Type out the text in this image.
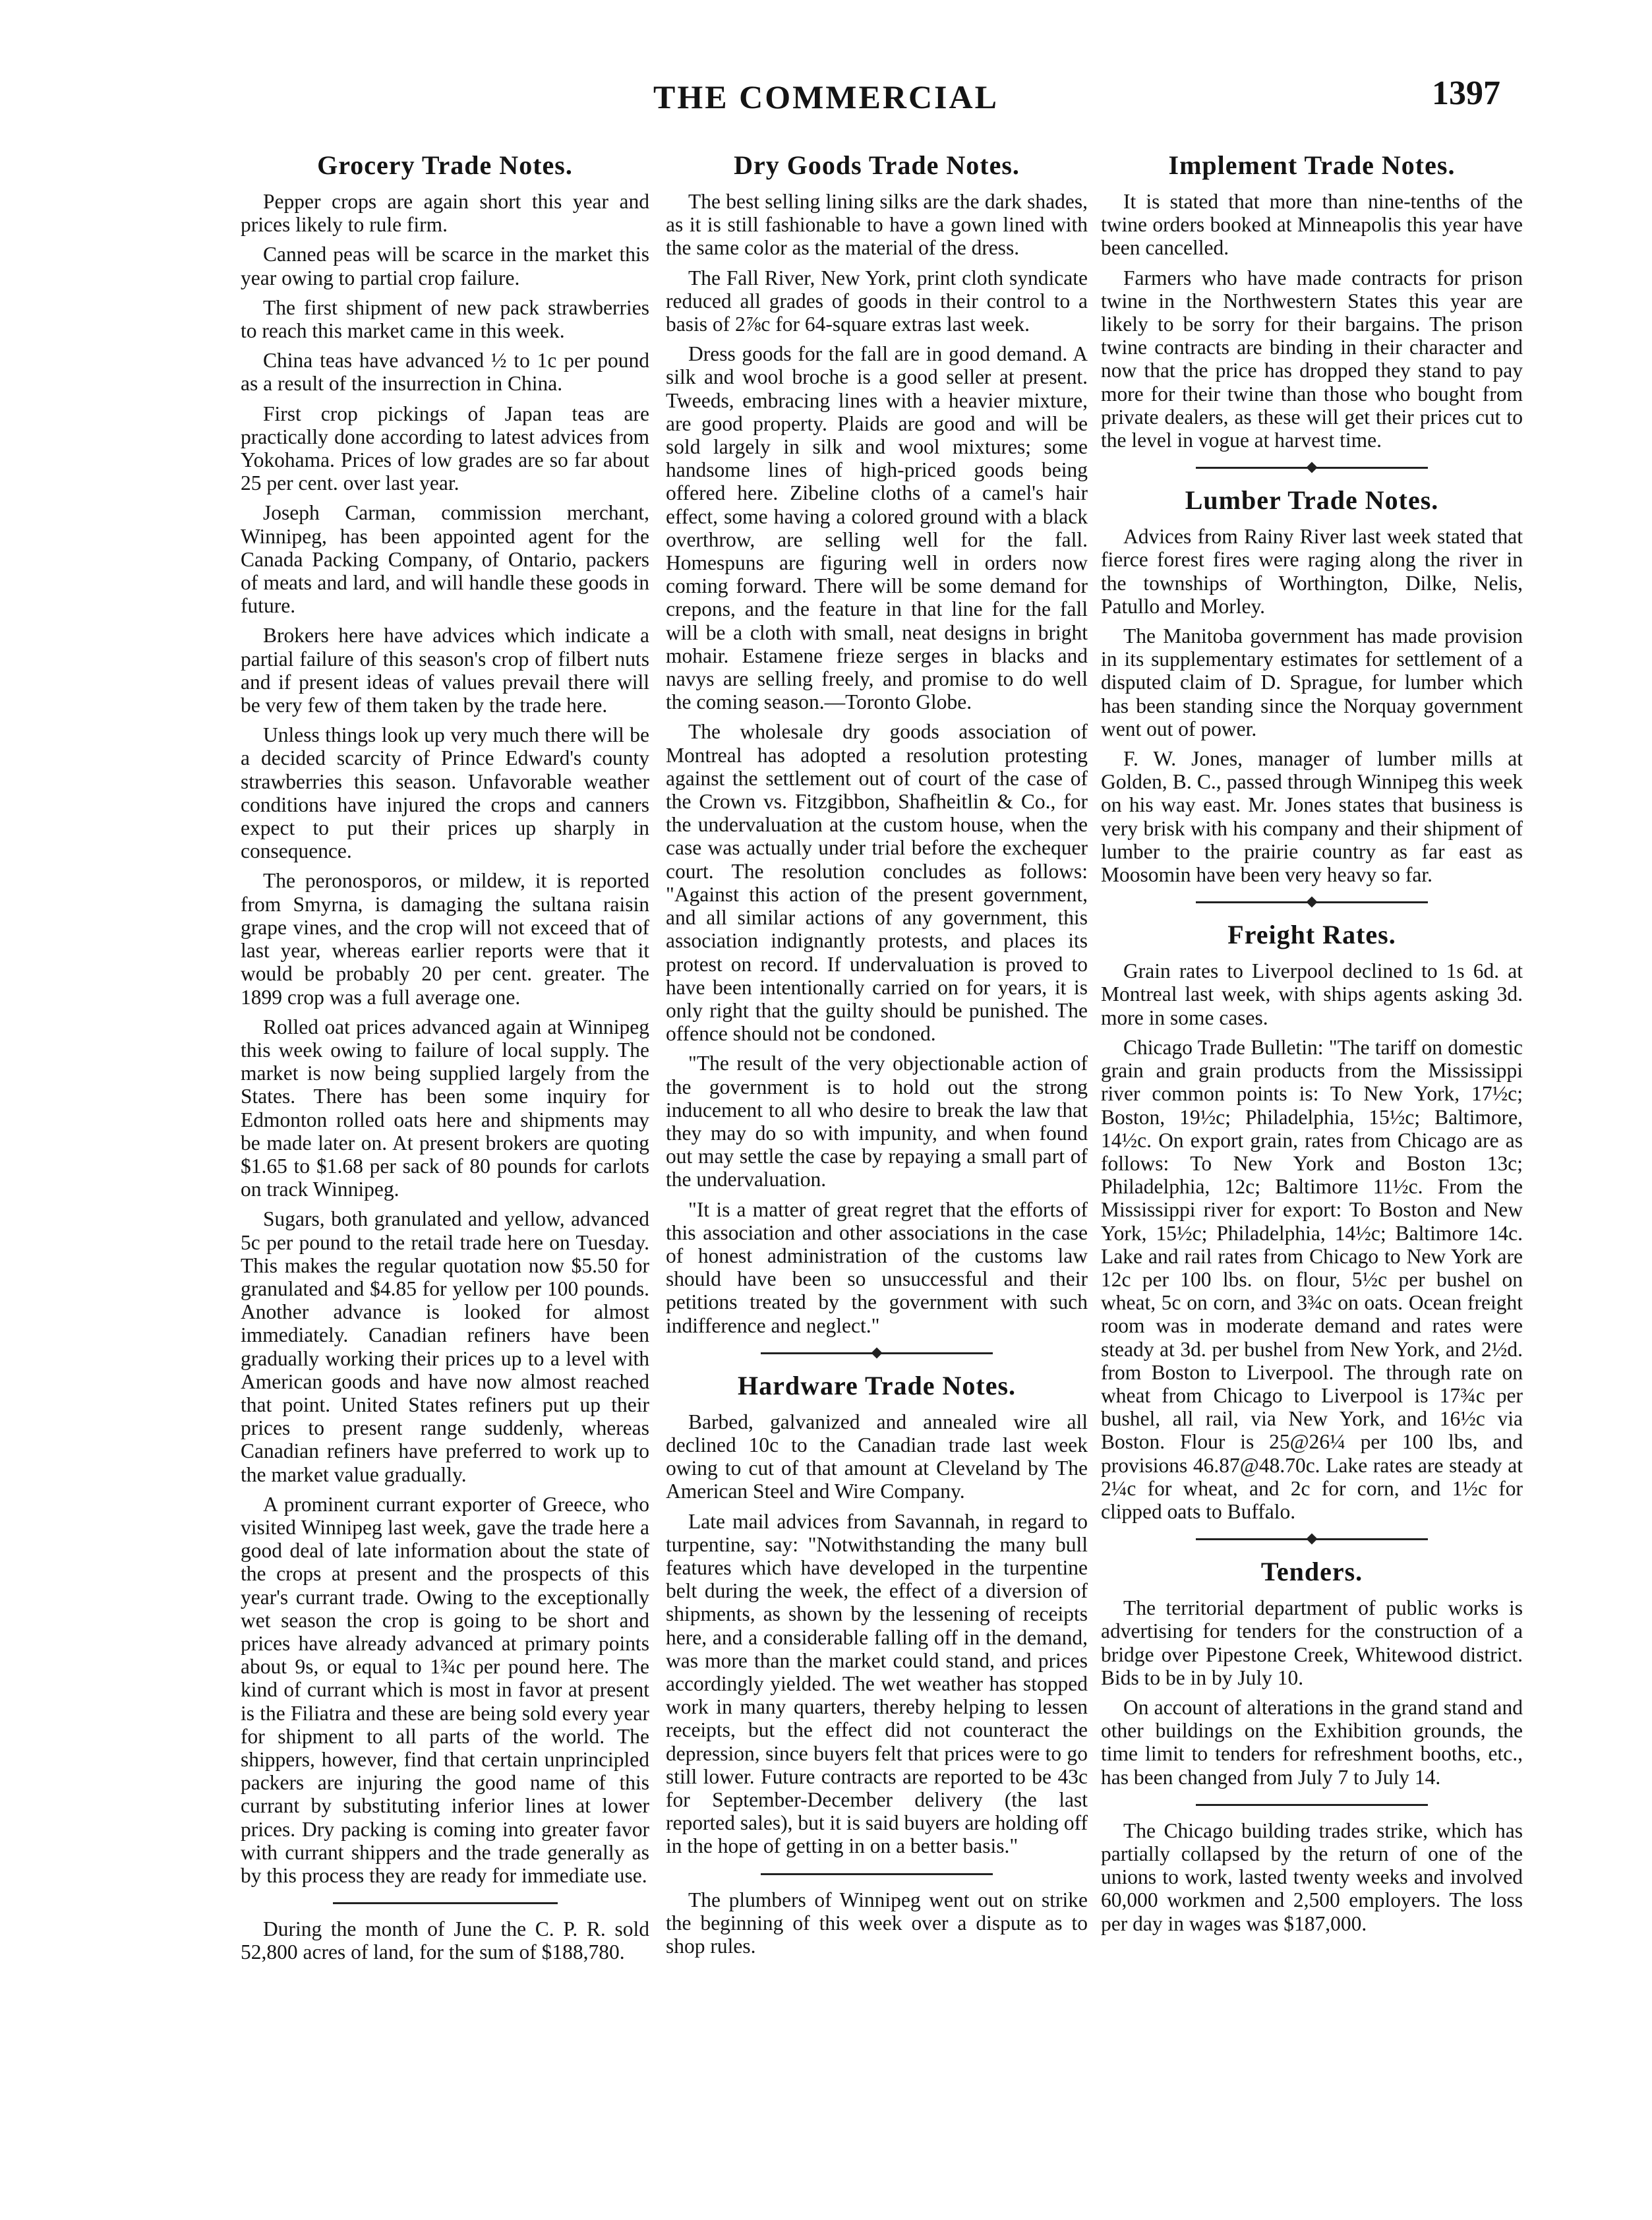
THE COMMERCIAL	1397
Grocery Trade Notes.

Pepper crops are again short this year and prices likely to rule firm.

Canned peas will be scarce in the market this year owing to partial crop failure.

The first shipment of new pack strawberries to reach this market came in this week.

China teas have advanced ½ to 1c per pound as a result of the insurrection in China.

First crop pickings of Japan teas are practically done according to latest advices from Yokohama. Prices of low grades are so far about 25 per cent. over last year.

Joseph Carman, commission merchant, Winnipeg, has been appointed agent for the Canada Packing Company, of Ontario, packers of meats and lard, and will handle these goods in future.

Brokers here have advices which indicate a partial failure of this season's crop of filbert nuts and if present ideas of values prevail there will be very few of them taken by the trade here.

Unless things look up very much there will be a decided scarcity of Prince Edward's county strawberries this season. Unfavorable weather conditions have injured the crops and canners expect to put their prices up sharply in consequence.

The peronosporos, or mildew, it is reported from Smyrna, is damaging the sultana raisin grape vines, and the crop will not exceed that of last year, whereas earlier reports were that it would be probably 20 per cent. greater. The 1899 crop was a full average one.

Rolled oat prices advanced again at Winnipeg this week owing to failure of local supply. The market is now being supplied largely from the States. There has been some inquiry for Edmonton rolled oats here and shipments may be made later on. At present brokers are quoting $1.65 to $1.68 per sack of 80 pounds for carlots on track Winnipeg.

Sugars, both granulated and yellow, advanced 5c per pound to the retail trade here on Tuesday. This makes the regular quotation now $5.50 for granulated and $4.85 for yellow per 100 pounds. Another advance is looked for almost immediately. Canadian refiners have been gradually working their prices up to a level with American goods and have now almost reached that point. United States refiners put up their prices to present range suddenly, whereas Canadian refiners have preferred to work up to the market value gradually.

A prominent currant exporter of Greece, who visited Winnipeg last week, gave the trade here a good deal of late information about the state of the crops at present and the prospects of this year's currant trade. Owing to the exceptionally wet season the crop is going to be short and prices have already advanced at primary points about 9s, or equal to 1¾c per pound here. The kind of currant which is most in favor at present is the Filiatra and these are being sold every year for shipment to all parts of the world. The shippers, however, find that certain unprincipled packers are injuring the good name of this currant by substituting inferior lines at lower prices. Dry packing is coming into greater favor with currant shippers and the trade generally as by this process they are ready for immediate use.

During the month of June the C. P. R. sold 52,800 acres of land, for the sum of $188,780.

Dry Goods Trade Notes.

The best selling lining silks are the dark shades, as it is still fashionable to have a gown lined with the same color as the material of the dress.

The Fall River, New York, print cloth syndicate reduced all grades of goods in their control to a basis of 2⅞c for 64-square extras last week.

Dress goods for the fall are in good demand. A silk and wool broche is a good seller at present. Tweeds, embracing lines with a heavier mixture, are good property. Plaids are good and will be sold largely in silk and wool mixtures; some handsome lines of high-priced goods being offered here. Zibeline cloths of a camel's hair effect, some having a colored ground with a black overthrow, are selling well for the fall. Homespuns are figuring well in orders now coming forward. There will be some demand for crepons, and the feature in that line for the fall will be a cloth with small, neat designs in bright mohair. Estamene frieze serges in blacks and navys are selling freely, and promise to do well the coming season.—Toronto Globe.

The wholesale dry goods association of Montreal has adopted a resolution protesting against the settlement out of court of the case of the Crown vs. Fitzgibbon, Shafheitlin & Co., for the undervaluation at the custom house, when the case was actually under trial before the exchequer court. The resolution concludes as follows: "Against this action of the present government, and all similar actions of any government, this association indignantly protests, and places its protest on record. If undervaluation is proved to have been intentionally carried on for years, it is only right that the guilty should be punished. The offence should not be condoned.

"The result of the very objectionable action of the government is to hold out the strong inducement to all who desire to break the law that they may do so with impunity, and when found out may settle the case by repaying a small part of the undervaluation.

"It is a matter of great regret that the efforts of this association and other associations in the case of honest administration of the customs law should have been so unsuccessful and their petitions treated by the government with such indifference and neglect."

Hardware Trade Notes.

Barbed, galvanized and annealed wire all declined 10c to the Canadian trade last week owing to cut of that amount at Cleveland by The American Steel and Wire Company.

Late mail advices from Savannah, in regard to turpentine, say: "Notwithstanding the many bull features which have developed in the turpentine belt during the week, the effect of a diversion of shipments, as shown by the lessening of receipts here, and a considerable falling off in the demand, was more than the market could stand, and prices accordingly yielded. The wet weather has stopped work in many quarters, thereby helping to lessen receipts, but the effect did not counteract the depression, since buyers felt that prices were to go still lower. Future contracts are reported to be 43c for September-December delivery (the last reported sales), but it is said buyers are holding off in the hope of getting in on a better basis."

The plumbers of Winnipeg went out on strike the beginning of this week over a dispute as to shop rules.

Implement Trade Notes.

It is stated that more than nine-tenths of the twine orders booked at Minneapolis this year have been cancelled.

Farmers who have made contracts for prison twine in the Northwestern States this year are likely to be sorry for their bargains. The prison twine contracts are binding in their character and now that the price has dropped they stand to pay more for their twine than those who bought from private dealers, as these will get their prices cut to the level in vogue at harvest time.

Lumber Trade Notes.

Advices from Rainy River last week stated that fierce forest fires were raging along the river in the townships of Worthington, Dilke, Nelis, Patullo and Morley.

The Manitoba government has made provision in its supplementary estimates for settlement of a disputed claim of D. Sprague, for lumber which has been standing since the Norquay government went out of power.

F. W. Jones, manager of lumber mills at Golden, B. C., passed through Winnipeg this week on his way east. Mr. Jones states that business is very brisk with his company and their shipment of lumber to the prairie country as far east as Moosomin have been very heavy so far.

Freight Rates.

Grain rates to Liverpool declined to 1s 6d. at Montreal last week, with ships agents asking 3d. more in some cases.

Chicago Trade Bulletin: "The tariff on domestic grain and grain products from the Mississippi river common points is: To New York, 17½c; Boston, 19½c; Philadelphia, 15½c; Baltimore, 14½c. On export grain, rates from Chicago are as follows: To New York and Boston 13c; Philadelphia, 12c; Baltimore 11½c. From the Mississippi river for export: To Boston and New York, 15½c; Philadelphia, 14½c; Baltimore 14c. Lake and rail rates from Chicago to New York are 12c per 100 lbs. on flour, 5½c per bushel on wheat, 5c on corn, and 3¾c on oats. Ocean freight room was in moderate demand and rates were steady at 3d. per bushel from New York, and 2½d. from Boston to Liverpool. The through rate on wheat from Chicago to Liverpool is 17¾c per bushel, all rail, via New York, and 16½c via Boston. Flour is 25@26¼ per 100 lbs, and provisions 46.87@48.70c. Lake rates are steady at 2¼c for wheat, and 2c for corn, and 1½c for clipped oats to Buffalo.

Tenders.

The territorial department of public works is advertising for tenders for the construction of a bridge over Pipestone Creek, Whitewood district. Bids to be in by July 10.

On account of alterations in the grand stand and other buildings on the Exhibition grounds, the time limit to tenders for refreshment booths, etc., has been changed from July 7 to July 14.

The Chicago building trades strike, which has partially collapsed by the return of one of the unions to work, lasted twenty weeks and involved 60,000 workmen and 2,500 employers. The loss per day in wages was $187,000.
